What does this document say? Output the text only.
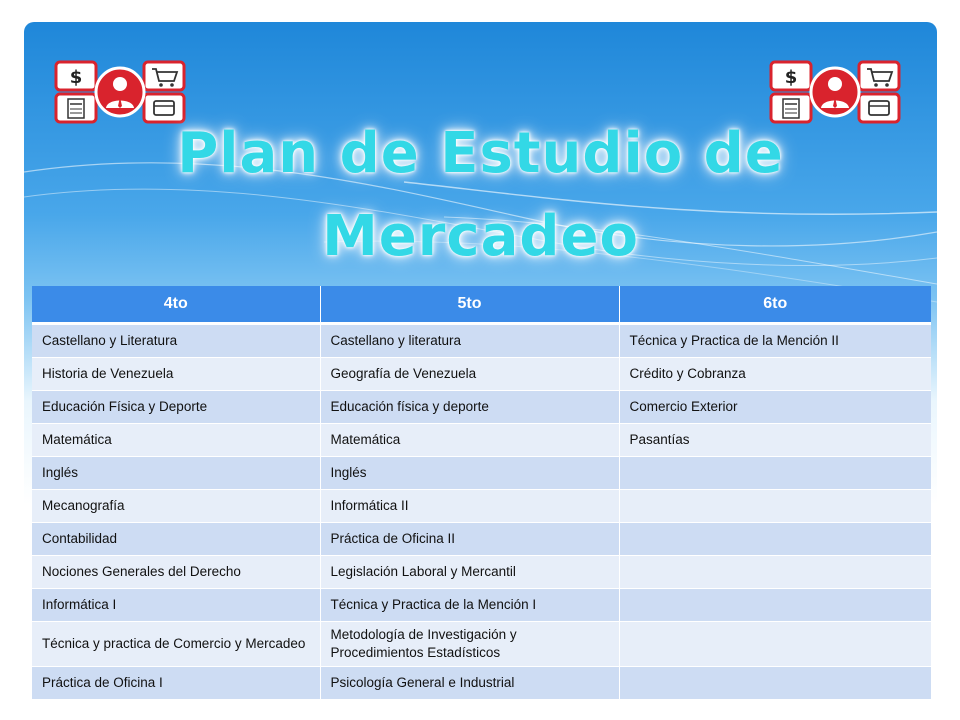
$	$
Plan de Estudio de
Mercadeo
4to	5to	6to
Castellano y Literatura	Castellano y literatura	Técnica y Practica de la Mención II
Historia de Venezuela	Geografía de Venezuela	Crédito y Cobranza
Educación Física y Deporte	Educación física y deporte	Comercio Exterior
Matemática	Matemática	Pasantías
Inglés	Inglés	
Mecanografía	Informática II	
Contabilidad	Práctica de Oficina II	
Nociones Generales del Derecho	Legislación Laboral y Mercantil	
Informática I	Técnica y Practica de la Mención I	
Técnica y practica de Comercio y Mercadeo	Metodología de Investigación y Procedimientos Estadísticos	
Práctica de Oficina I	Psicología General e Industrial	
